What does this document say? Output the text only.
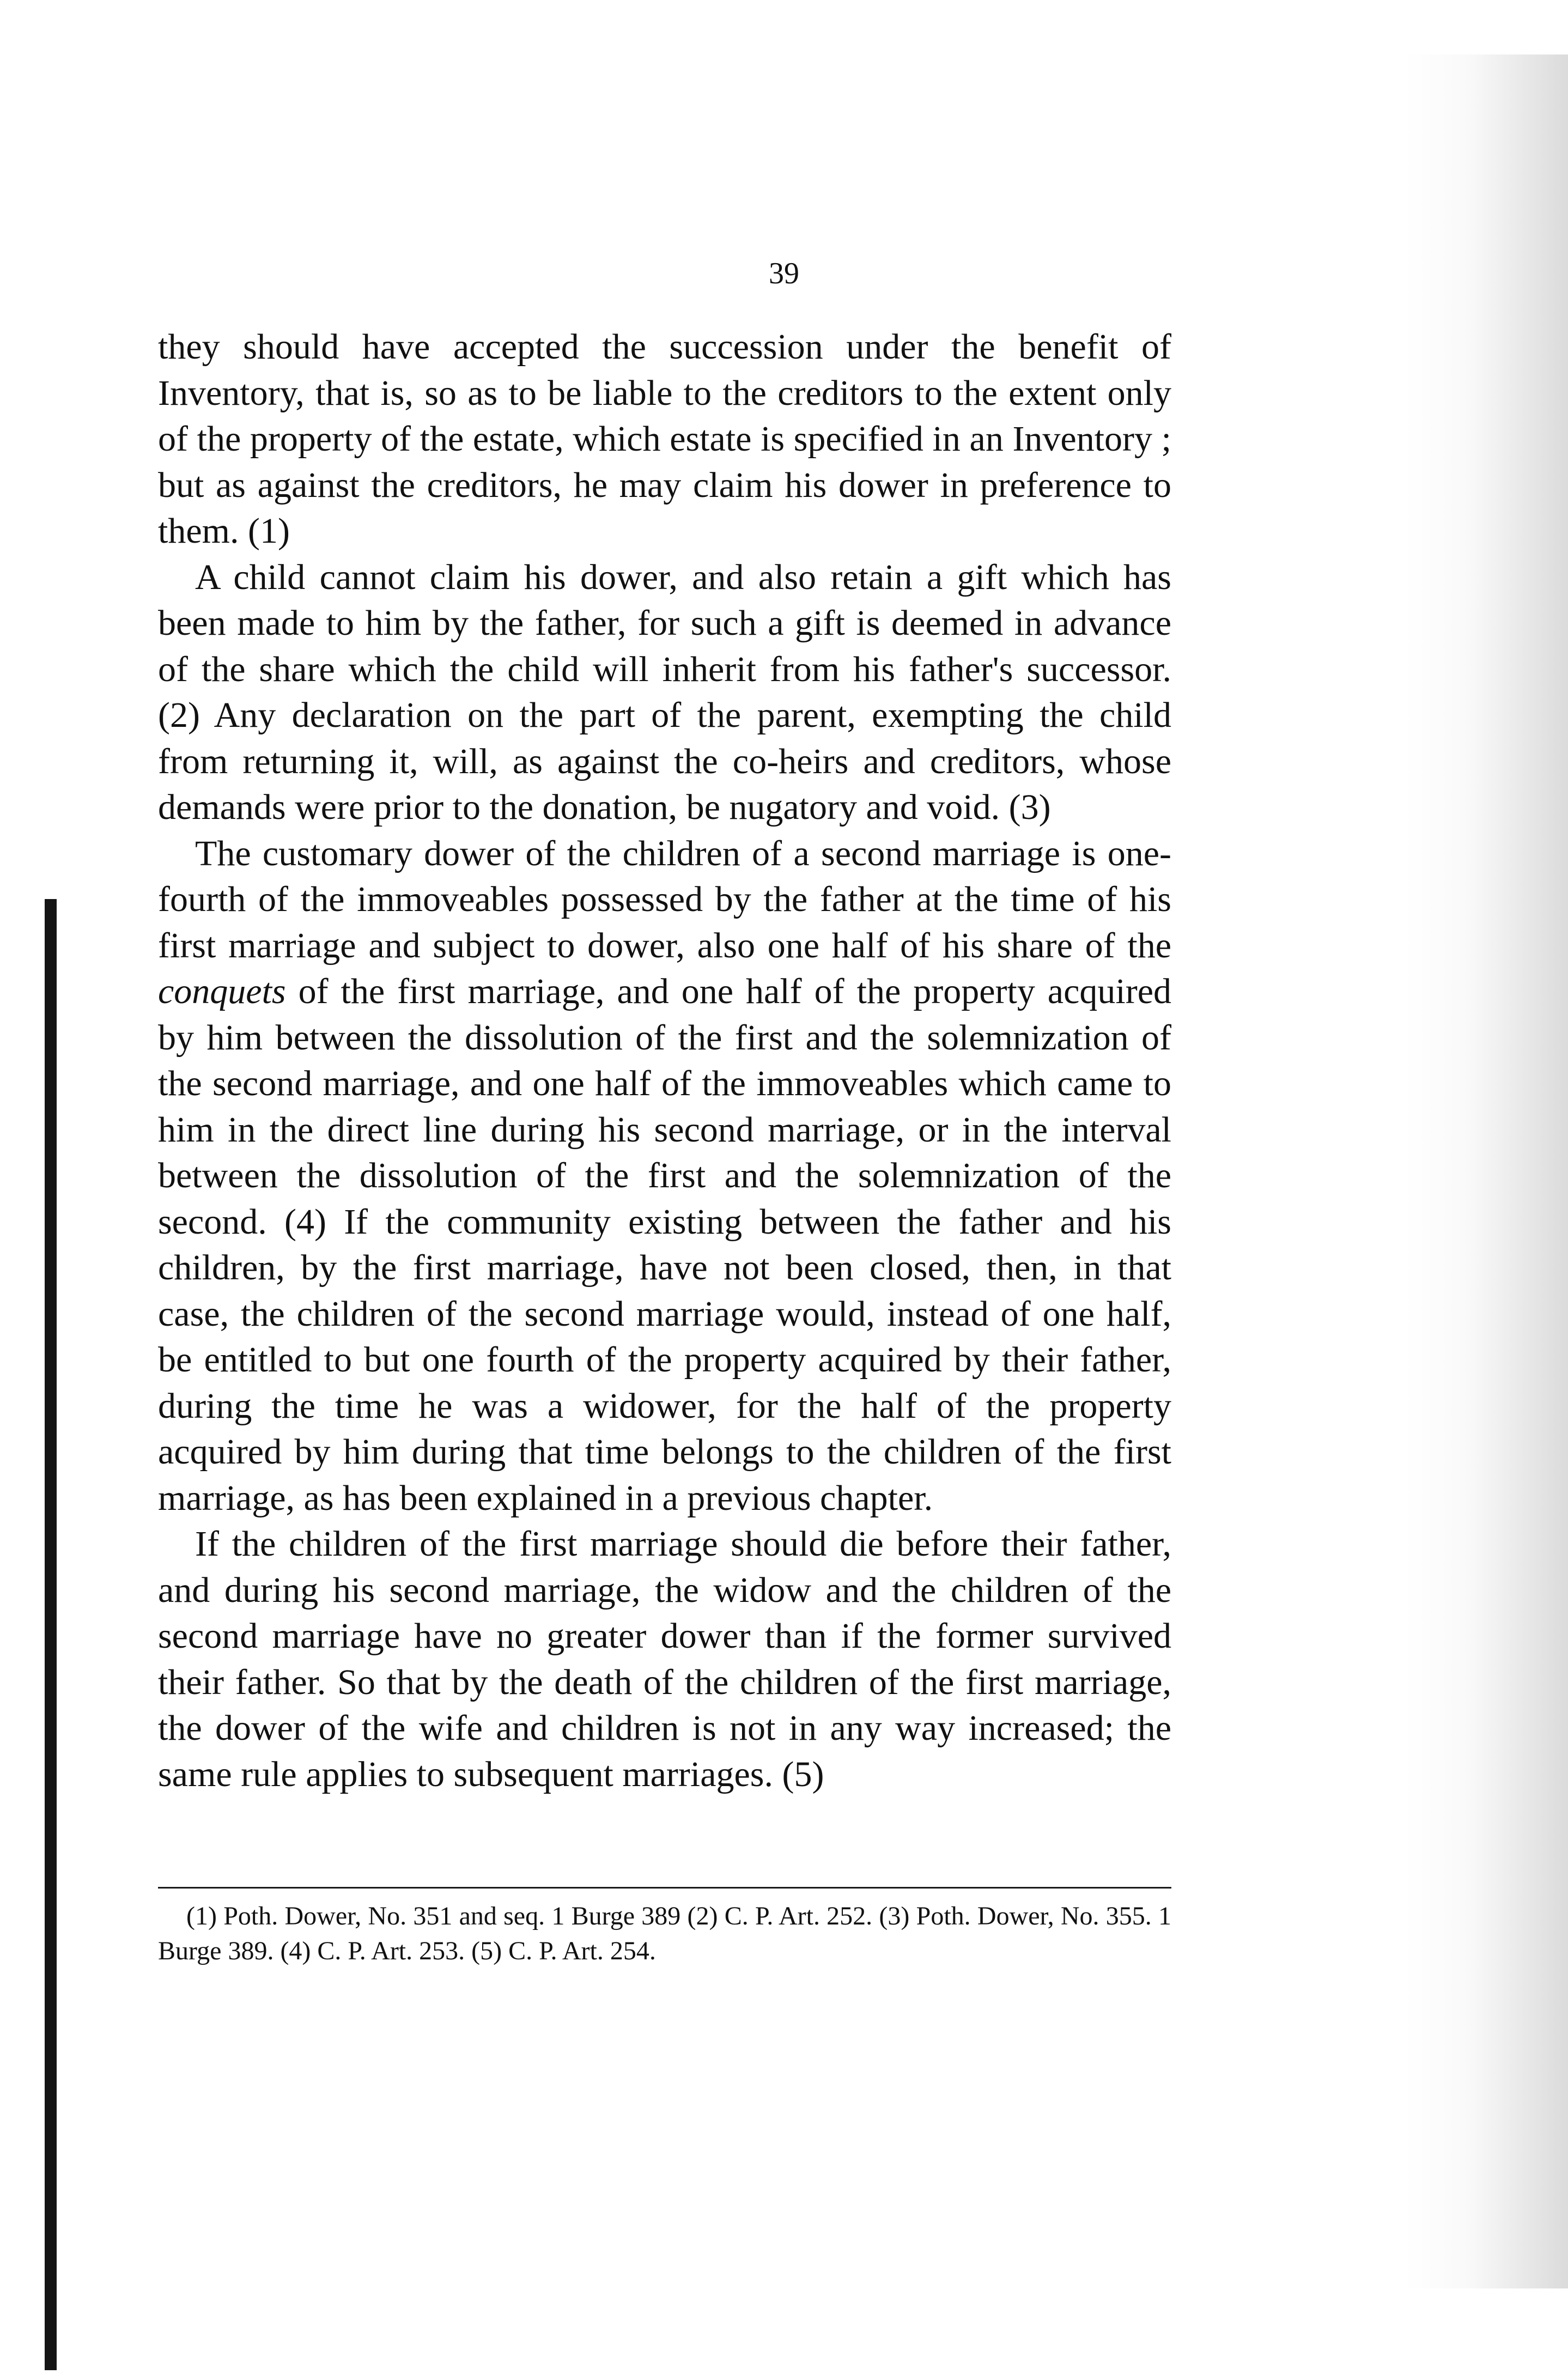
39

they should have accepted the succession under the benefit of Inventory, that is, so as to be liable to the creditors to the extent only of the property of the estate, which estate is specified in an Inventory ; but as against the creditors, he may claim his dower in preference to them. (1)

A child cannot claim his dower, and also retain a gift which has been made to him by the father, for such a gift is deemed in advance of the share which the child will inherit from his father's successor. (2) Any declaration on the part of the parent, exempting the child from returning it, will, as against the co-heirs and creditors, whose demands were prior to the donation, be nugatory and void. (3)

The customary dower of the children of a second marriage is one-fourth of the immoveables possessed by the father at the time of his first marriage and subject to dower, also one half of his share of the conquets of the first marriage, and one half of the property acquired by him between the dissolution of the first and the solemnization of the second marriage, and one half of the immoveables which came to him in the direct line during his second marriage, or in the interval between the dissolution of the first and the solemnization of the second. (4) If the community existing between the father and his children, by the first marriage, have not been closed, then, in that case, the children of the second marriage would, instead of one half, be entitled to but one fourth of the property acquired by their father, during the time he was a widower, for the half of the property acquired by him during that time belongs to the children of the first marriage, as has been explained in a previous chapter.

If the children of the first marriage should die before their father, and during his second marriage, the widow and the children of the second marriage have no greater dower than if the former survived their father. So that by the death of the children of the first marriage, the dower of the wife and children is not in any way increased; the same rule applies to subsequent marriages. (5)

(1) Poth. Dower, No. 351 and seq. 1 Burge 389 (2) C. P. Art. 252. (3) Poth. Dower, No. 355. 1 Burge 389. (4) C. P. Art. 253. (5) C. P. Art. 254.
